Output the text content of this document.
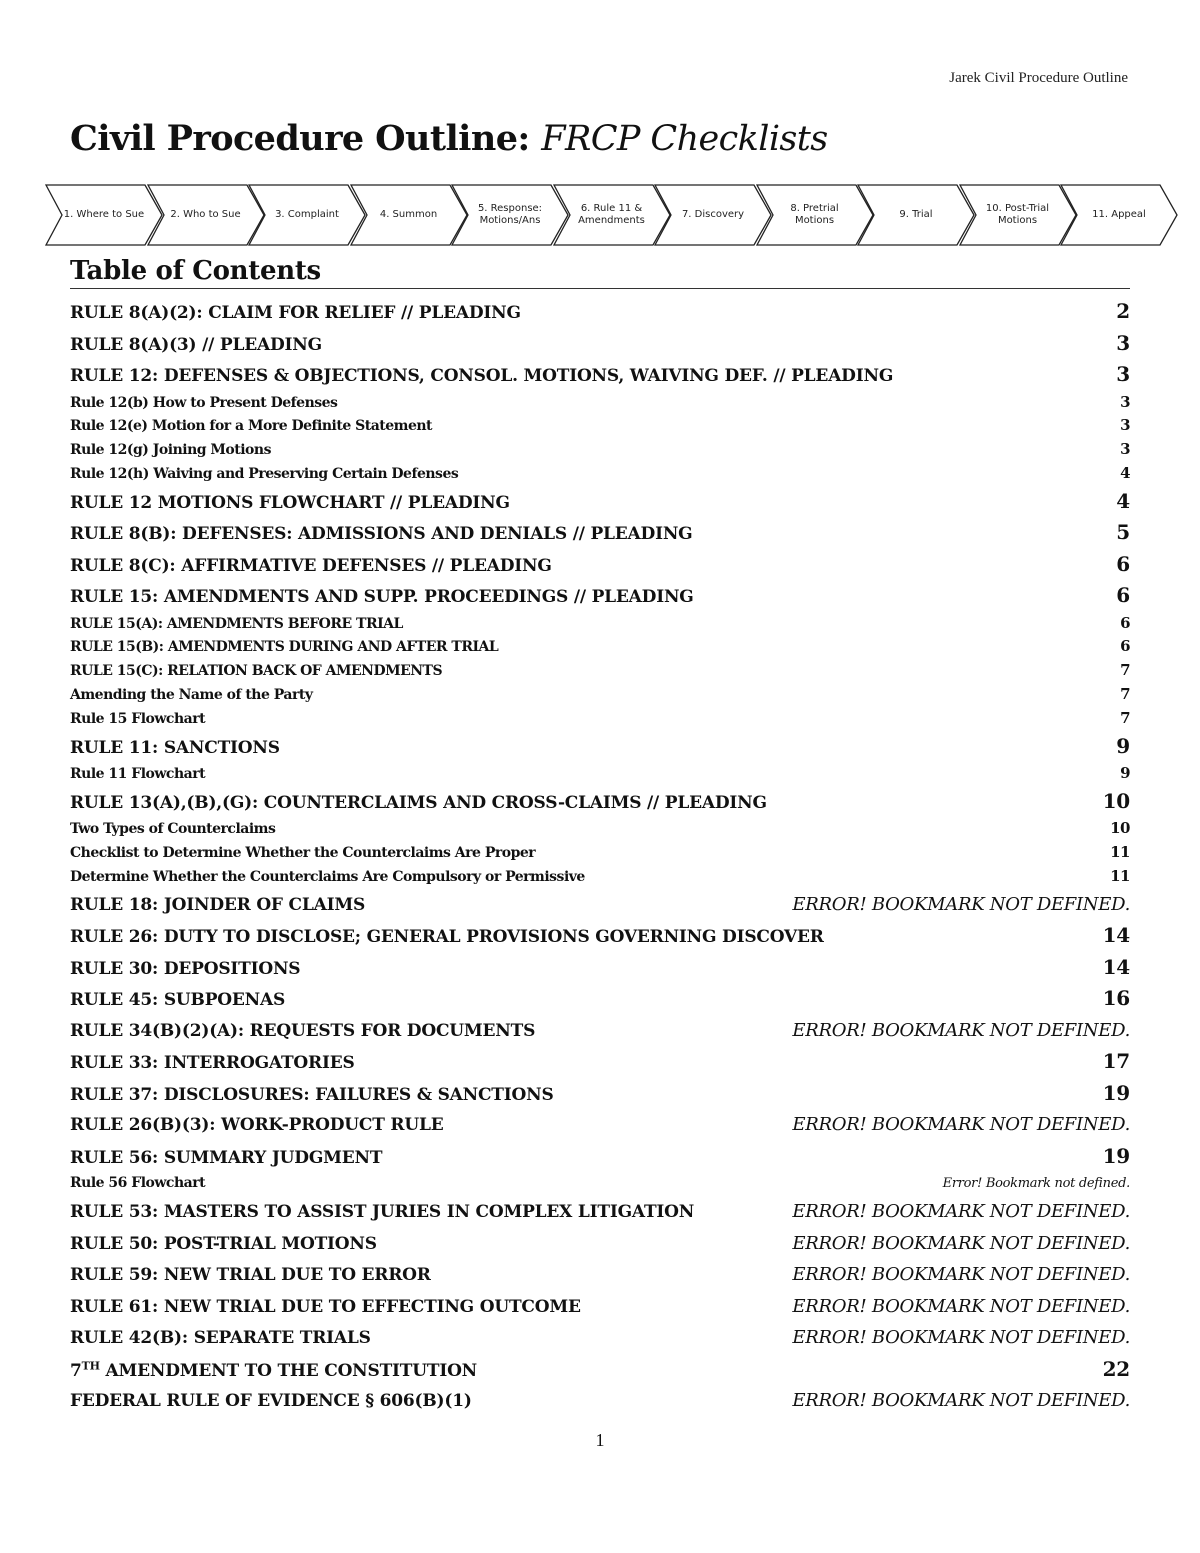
Jarek Civil Procedure Outline
Civil Procedure Outline: FRCP Checklists
1. Where to Sue	2. Who to Sue	3. Complaint	4. Summon
5. Response: Motions/Ans
6. Rule 11 & Amendments
7. Discovery
8. Pretrial Motions
9. Trial
10. Post-Trial Motions
11. Appeal
Table of Contents
RULE 8(A)(2): CLAIM FOR RELIEF // PLEADING	2
RULE 8(A)(3) // PLEADING	3
RULE 12: DEFENSES & OBJECTIONS, CONSOL. MOTIONS, WAIVING DEF. // PLEADING	3
Rule 12(b) How to Present Defenses	3
Rule 12(e) Motion for a More Definite Statement	3
Rule 12(g) Joining Motions	3
Rule 12(h) Waiving and Preserving Certain Defenses	4
RULE 12 MOTIONS FLOWCHART // PLEADING	4
RULE 8(B): DEFENSES: ADMISSIONS AND DENIALS // PLEADING	5
RULE 8(C): AFFIRMATIVE DEFENSES // PLEADING	6
RULE 15: AMENDMENTS AND SUPP. PROCEEDINGS // PLEADING	6
RULE 15(A): AMENDMENTS BEFORE TRIAL	6
RULE 15(B): AMENDMENTS DURING AND AFTER TRIAL	6
RULE 15(C): RELATION BACK OF AMENDMENTS	7
Amending the Name of the Party	7
Rule 15 Flowchart	7
RULE 11: SANCTIONS	9
Rule 11 Flowchart	9
RULE 13(A),(B),(G): COUNTERCLAIMS AND CROSS-CLAIMS // PLEADING	10
Two Types of Counterclaims	10
Checklist to Determine Whether the Counterclaims Are Proper	11
Determine Whether the Counterclaims Are Compulsory or Permissive	11
RULE 18: JOINDER OF CLAIMS	ERROR! BOOKMARK NOT DEFINED.
RULE 26: DUTY TO DISCLOSE; GENERAL PROVISIONS GOVERNING DISCOVER	14
RULE 30: DEPOSITIONS	14
RULE 45: SUBPOENAS	16
RULE 34(B)(2)(A): REQUESTS FOR DOCUMENTS	ERROR! BOOKMARK NOT DEFINED.
RULE 33: INTERROGATORIES	17
RULE 37: DISCLOSURES: FAILURES & SANCTIONS	19
RULE 26(B)(3): WORK-PRODUCT RULE	ERROR! BOOKMARK NOT DEFINED.
RULE 56: SUMMARY JUDGMENT	19
Rule 56 Flowchart	Error! Bookmark not defined.
RULE 53: MASTERS TO ASSIST JURIES IN COMPLEX LITIGATION	ERROR! BOOKMARK NOT DEFINED.
RULE 50: POST-TRIAL MOTIONS	ERROR! BOOKMARK NOT DEFINED.
RULE 59: NEW TRIAL DUE TO ERROR	ERROR! BOOKMARK NOT DEFINED.
RULE 61: NEW TRIAL DUE TO EFFECTING OUTCOME	ERROR! BOOKMARK NOT DEFINED.
RULE 42(B): SEPARATE TRIALS	ERROR! BOOKMARK NOT DEFINED.
7TH AMENDMENT TO THE CONSTITUTION	22
FEDERAL RULE OF EVIDENCE § 606(B)(1)	ERROR! BOOKMARK NOT DEFINED.
1
